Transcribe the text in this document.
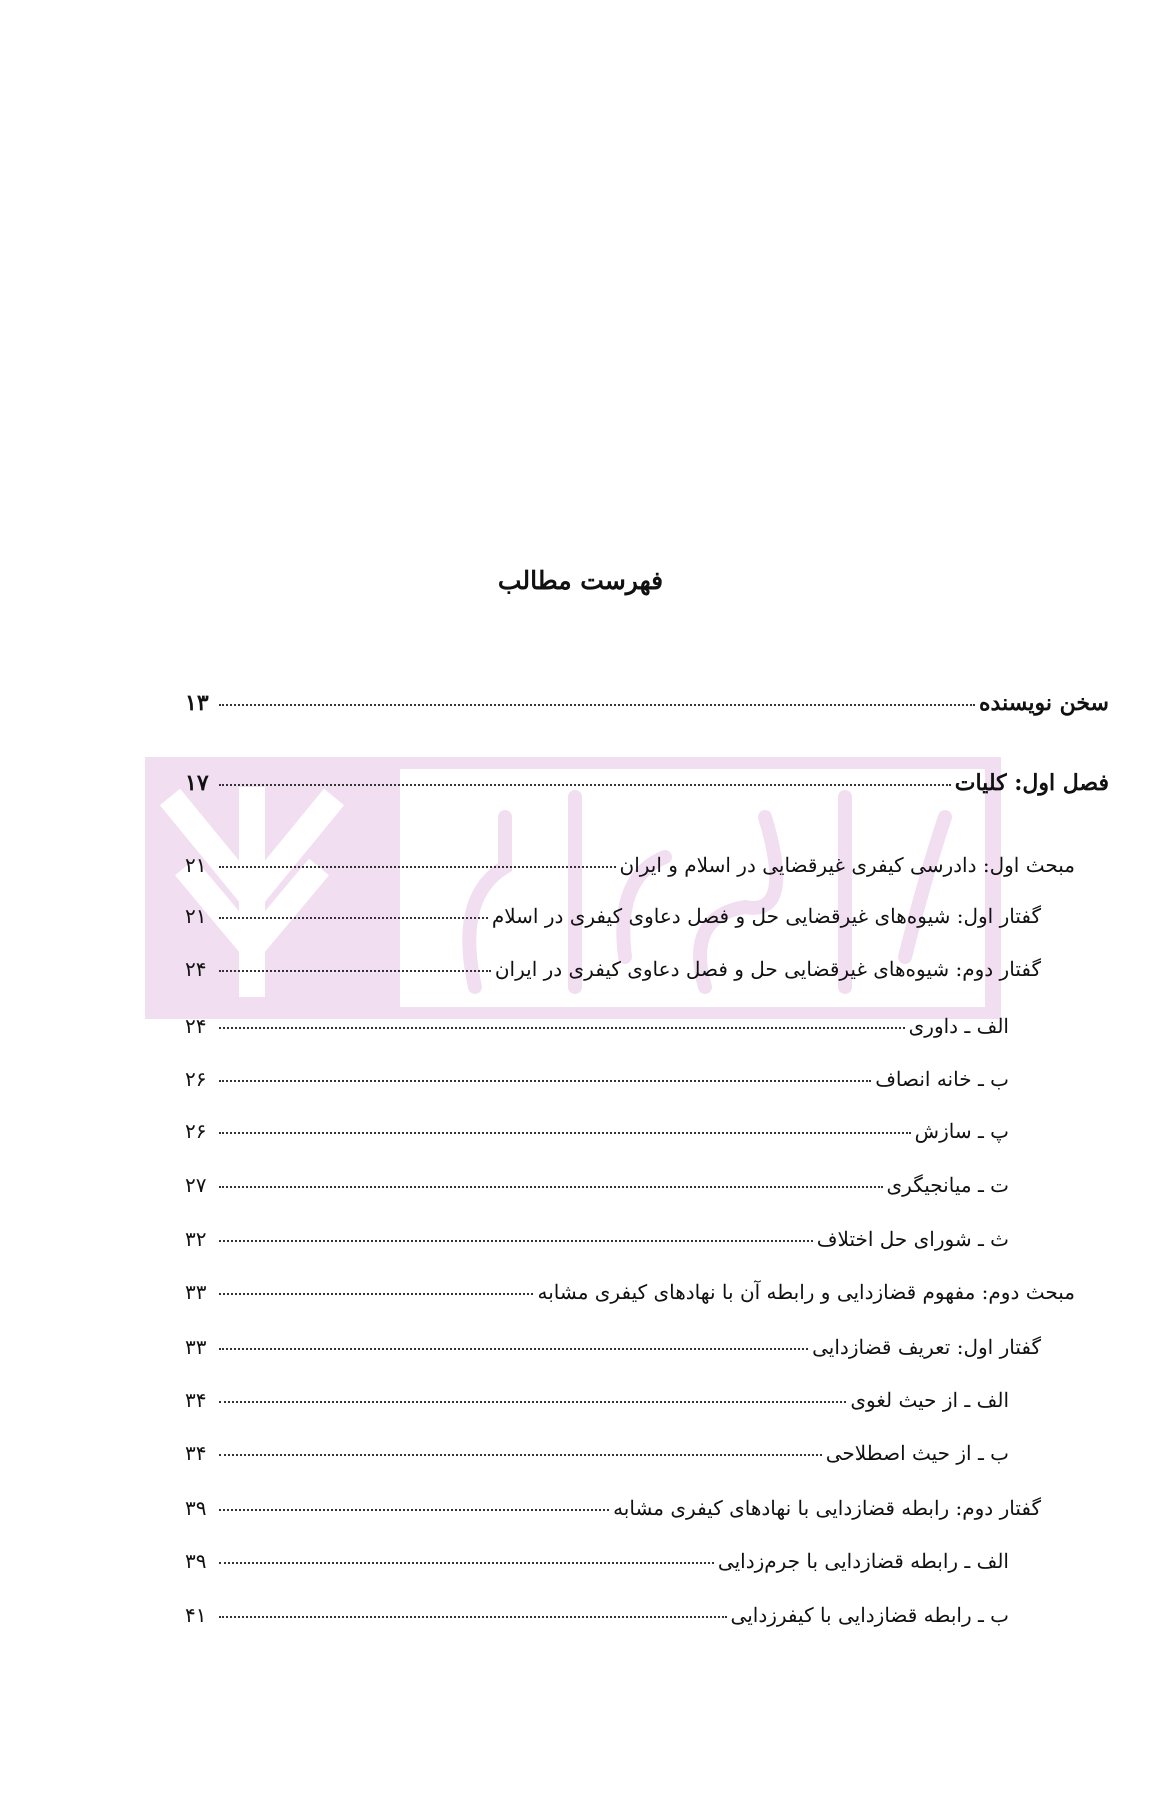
فهرست مطالب
سخن نویسنده
۱۳
فصل اول: کلیات
۱۷
مبحث اول: دادرسی کیفری غیرقضایی در اسلام و ایران
۲۱
گفتار اول: شیوه‌های غیرقضایی حل و فصل دعاوی کیفری در اسلام
۲۱
گفتار دوم: شیوه‌های غیرقضایی حل و فصل دعاوی کیفری در ایران
۲۴
الف ـ داوری
۲۴
ب ـ خانه انصاف
۲۶
پ ـ سازش
۲۶
ت ـ میانجیگری
۲۷
ث ـ شورای حل اختلاف
۳۲
مبحث دوم: مفهوم قضازدایی و رابطه آن با نهادهای کیفری مشابه
۳۳
گفتار اول: تعریف قضازدایی
۳۳
الف ـ از حیث لغوی
۳۴
ب ـ از حیث اصطلاحی
۳۴
گفتار دوم: رابطه قضازدایی با نهادهای کیفری مشابه
۳۹
الف ـ رابطه قضازدایی با جرم‌زدایی
۳۹
ب ـ رابطه قضازدایی با کیفرزدایی
۴۱
